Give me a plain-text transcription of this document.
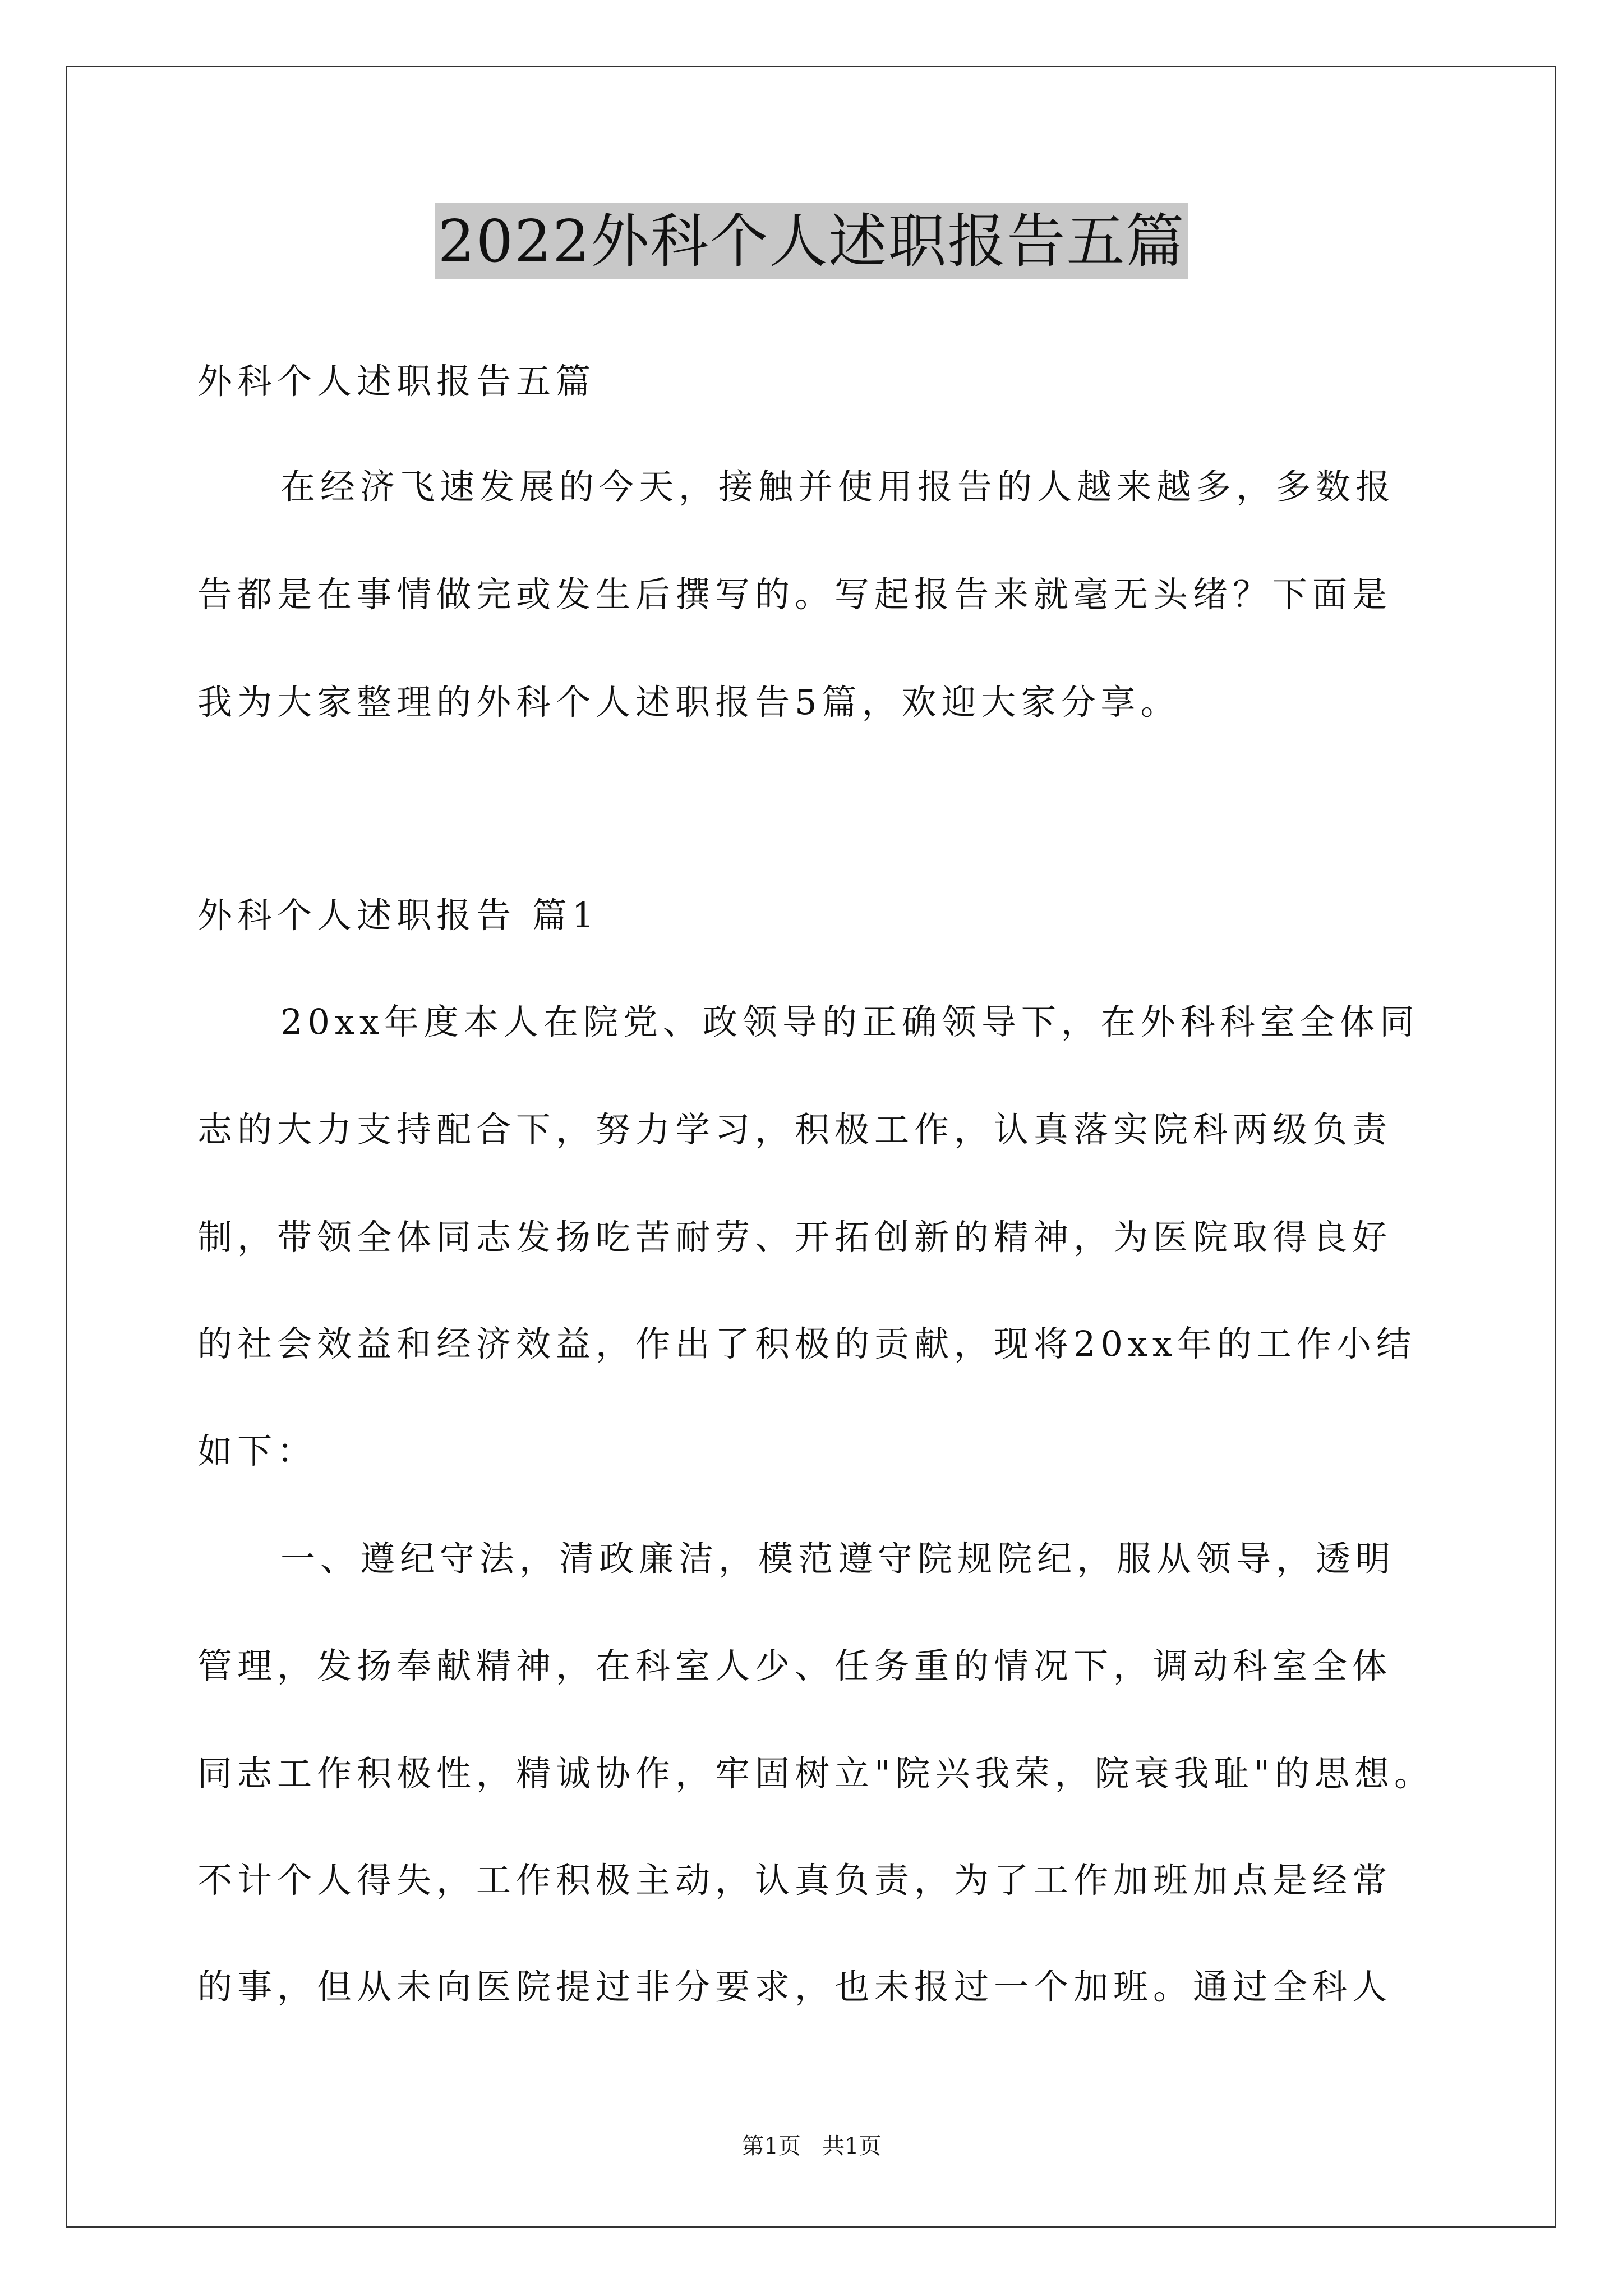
2022外科个人述职报告五篇
外科个人述职报告五篇
在经济飞速发展的今天，接触并使用报告的人越来越多，多数报
告都是在事情做完或发生后撰写的。写起报告来就毫无头绪？下面是
我为大家整理的外科个人述职报告5篇，欢迎大家分享。
外科个人述职报告 篇1
20xx年度本人在院党、政领导的正确领导下，在外科科室全体同
志的大力支持配合下，努力学习，积极工作，认真落实院科两级负责
制，带领全体同志发扬吃苦耐劳、开拓创新的精神，为医院取得良好
的社会效益和经济效益，作出了积极的贡献，现将20xx年的工作小结
如下：
一、遵纪守法，清政廉洁，模范遵守院规院纪，服从领导，透明
管理，发扬奉献精神，在科室人少、任务重的情况下，调动科室全体
同志工作积极性，精诚协作，牢固树立"院兴我荣，院衰我耻"的思想。
不计个人得失，工作积极主动，认真负责，为了工作加班加点是经常
的事，但从未向医院提过非分要求，也未报过一个加班。通过全科人
第1页   共1页
